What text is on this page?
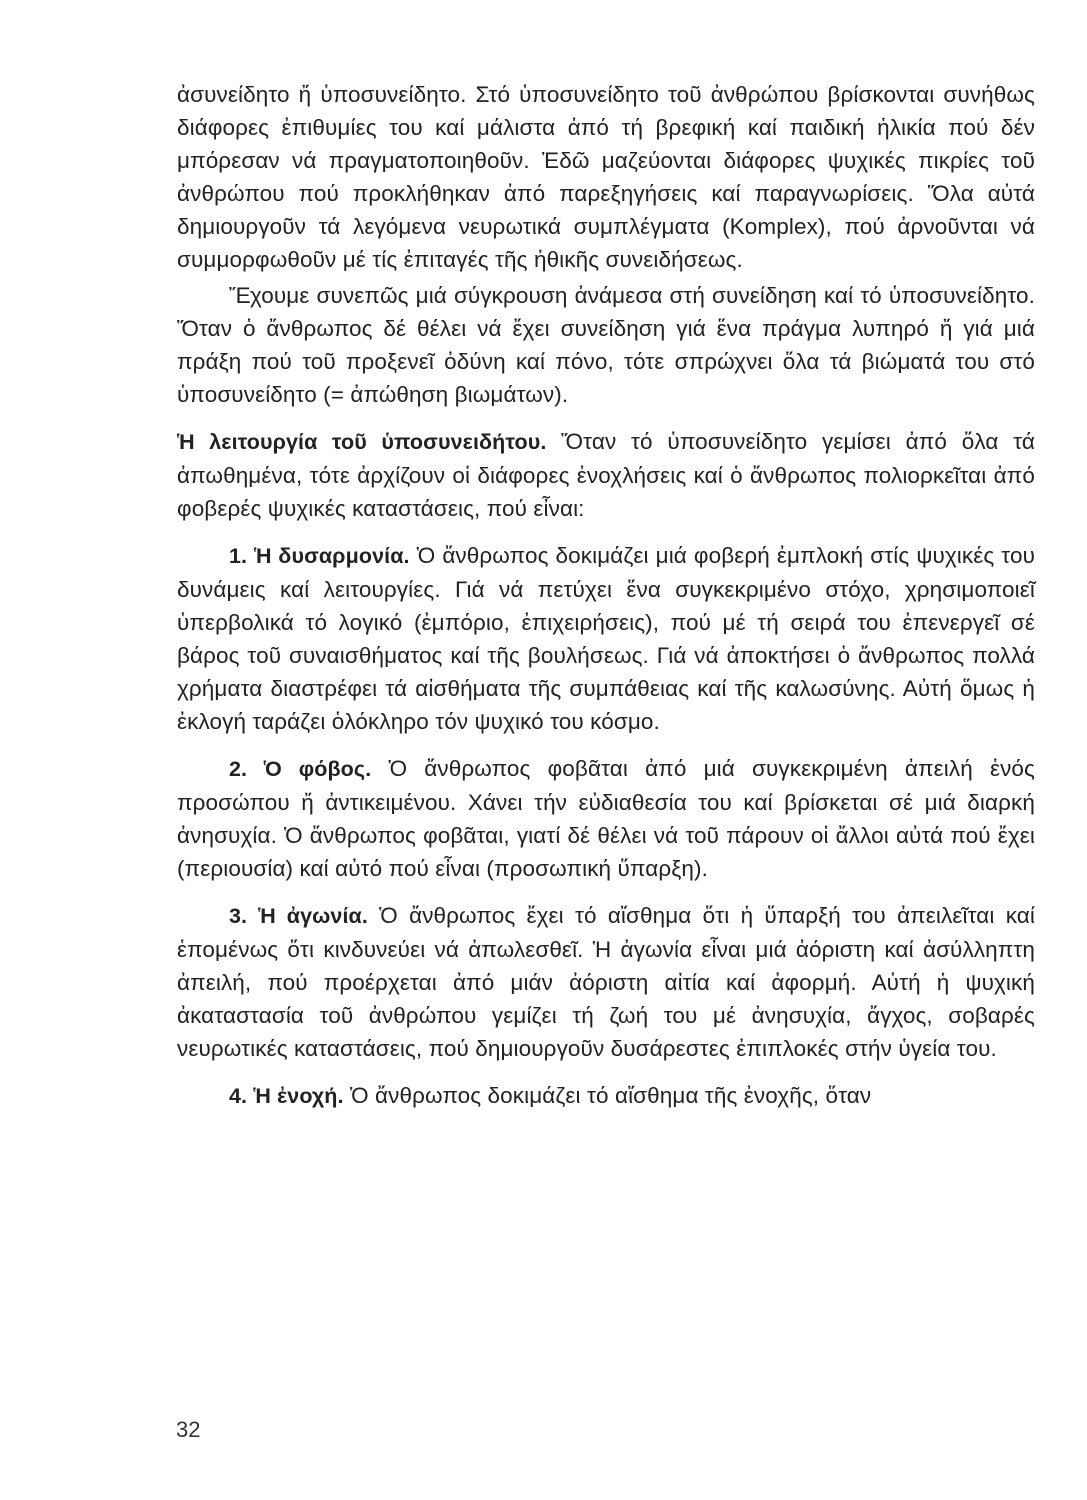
ἀσυνείδητο ἤ ὑποσυνείδητο. Στό ὑποσυνείδητο τοῦ ἀνθρώπου βρίσκονται συνήθως διάφορες ἐπιθυμίες του καί μάλιστα ἀπό τή βρεφική καί παιδική ἡλικία πού δέν μπόρεσαν νά πραγματοποιηθοῦν. Ἐδῶ μαζεύονται διάφορες ψυχικές πικρίες τοῦ ἀνθρώπου πού προκλήθηκαν ἀπό παρεξηγήσεις καί παραγνωρίσεις. Ὅλα αὐτά δημιουργοῦν τά λεγόμενα νευρωτικά συμπλέγματα (Komplex), πού ἀρνοῦνται νά συμμορφωθοῦν μέ τίς ἐπιταγές τῆς ἠθικῆς συνειδήσεως.

Ἔχουμε συνεπῶς μιά σύγκρουση ἀνάμεσα στή συνείδηση καί τό ὑποσυνείδητο. Ὅταν ὁ ἄνθρωπος δέ θέλει νά ἔχει συνείδηση γιά ἕνα πράγμα λυπηρό ἤ γιά μιά πράξη πού τοῦ προξενεῖ ὀδύνη καί πόνο, τότε σπρώχνει ὅλα τά βιώματά του στό ὑποσυνείδητο (= ἀπώθηση βιωμάτων).

Ἡ λειτουργία τοῦ ὑποσυνειδήτου. Ὅταν τό ὑποσυνείδητο γεμίσει ἀπό ὅλα τά ἀπωθημένα, τότε ἀρχίζουν οἱ διάφορες ἐνοχλήσεις καί ὁ ἄνθρωπος πολιορκεῖται ἀπό φοβερές ψυχικές καταστάσεις, πού εἶναι:

1. Ἡ δυσαρμονία. Ὁ ἄνθρωπος δοκιμάζει μιά φοβερή ἐμπλοκή στίς ψυχικές του δυνάμεις καί λειτουργίες. Γιά νά πετύχει ἕνα συγκεκριμένο στόχο, χρησιμοποιεῖ ὑπερβολικά τό λογικό (ἐμπόριο, ἐπιχειρήσεις), πού μέ τή σειρά του ἐπενεργεῖ σέ βάρος τοῦ συναισθήματος καί τῆς βουλήσεως. Γιά νά ἀποκτήσει ὁ ἄνθρωπος πολλά χρήματα διαστρέφει τά αἰσθήματα τῆς συμπάθειας καί τῆς καλωσύνης. Αὐτή ὅμως ἡ ἐκλογή ταράζει ὁλόκληρο τόν ψυχικό του κόσμο.

2. Ὁ φόβος. Ὁ ἄνθρωπος φοβᾶται ἀπό μιά συγκεκριμένη ἀπειλή ἑνός προσώπου ἤ ἀντικειμένου. Χάνει τήν εὐδιαθεσία του καί βρίσκεται σέ μιά διαρκή ἀνησυχία. Ὁ ἄνθρωπος φοβᾶται, γιατί δέ θέλει νά τοῦ πάρουν οἱ ἄλλοι αὐτά πού ἔχει (περιουσία) καί αὐτό πού εἶναι (προσωπική ὕπαρξη).

3. Ἡ ἀγωνία. Ὁ ἄνθρωπος ἔχει τό αἴσθημα ὅτι ἡ ὕπαρξή του ἀπειλεῖται καί ἑπομένως ὅτι κινδυνεύει νά ἀπωλεσθεῖ. Ἡ ἀγωνία εἶναι μιά ἀόριστη καί ἀσύλληπτη ἀπειλή, πού προέρχεται ἀπό μιάν ἀόριστη αἰτία καί ἀφορμή. Αὐτή ἡ ψυχική ἀκαταστασία τοῦ ἀνθρώπου γεμίζει τή ζωή του μέ ἀνησυχία, ἄγχος, σοβαρές νευρωτικές καταστάσεις, πού δημιουργοῦν δυσάρεστες ἐπιπλοκές στήν ὑγεία του.

4. Ἡ ἐνοχή. Ὁ ἄνθρωπος δοκιμάζει τό αἴσθημα τῆς ἐνοχῆς, ὅταν

32
